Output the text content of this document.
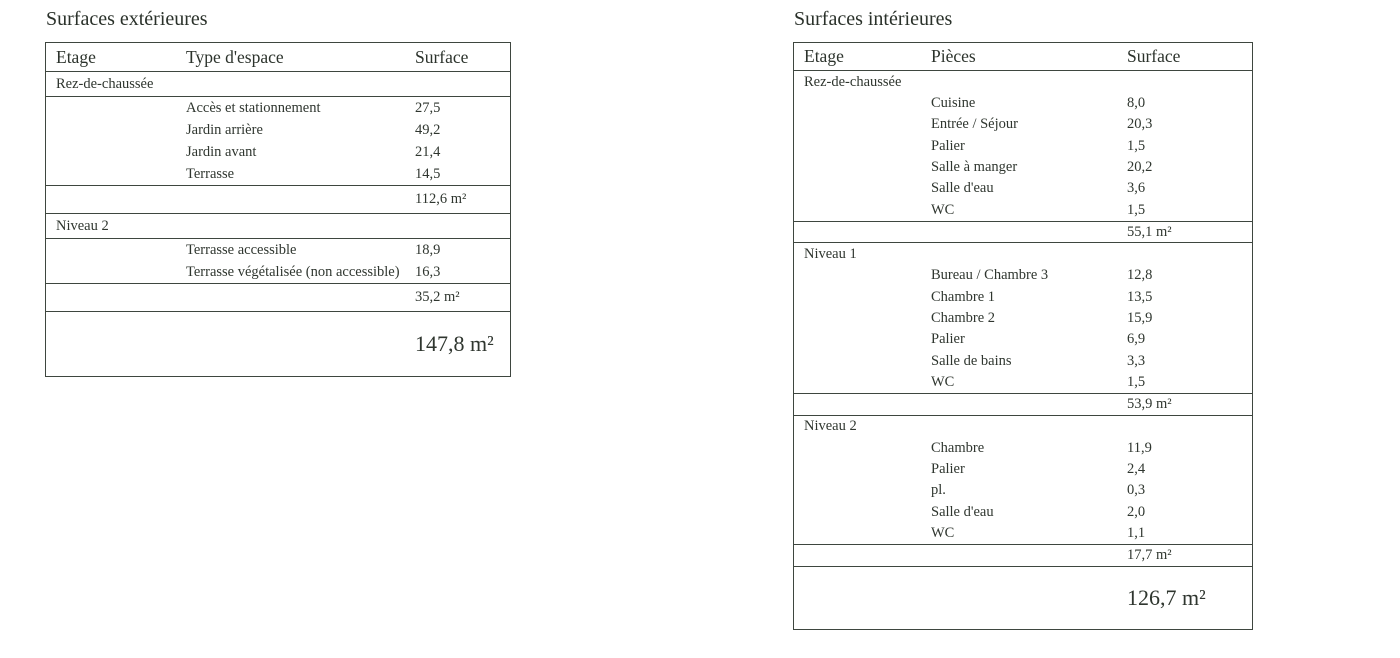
Surfaces extérieures
Etage	Type d'espace	Surface
Rez-de-chaussée
Accès et stationnement	27,5
Jardin arrière	49,2
Jardin avant	21,4
Terrasse	14,5
112,6 m²
Niveau 2
Terrasse accessible	18,9
Terrasse végétalisée (non accessible)	16,3
35,2 m²
147,8 m²
Surfaces intérieures
Etage	Pièces	Surface
Rez-de-chaussée
Cuisine	8,0
Entrée / Séjour	20,3
Palier	1,5
Salle à manger	20,2
Salle d'eau	3,6
WC	1,5
55,1 m²
Niveau 1
Bureau / Chambre 3	12,8
Chambre 1	13,5
Chambre 2	15,9
Palier	6,9
Salle de bains	3,3
WC	1,5
53,9 m²
Niveau 2
Chambre	11,9
Palier	2,4
pl.	0,3
Salle d'eau	2,0
WC	1,1
17,7 m²
126,7 m²
